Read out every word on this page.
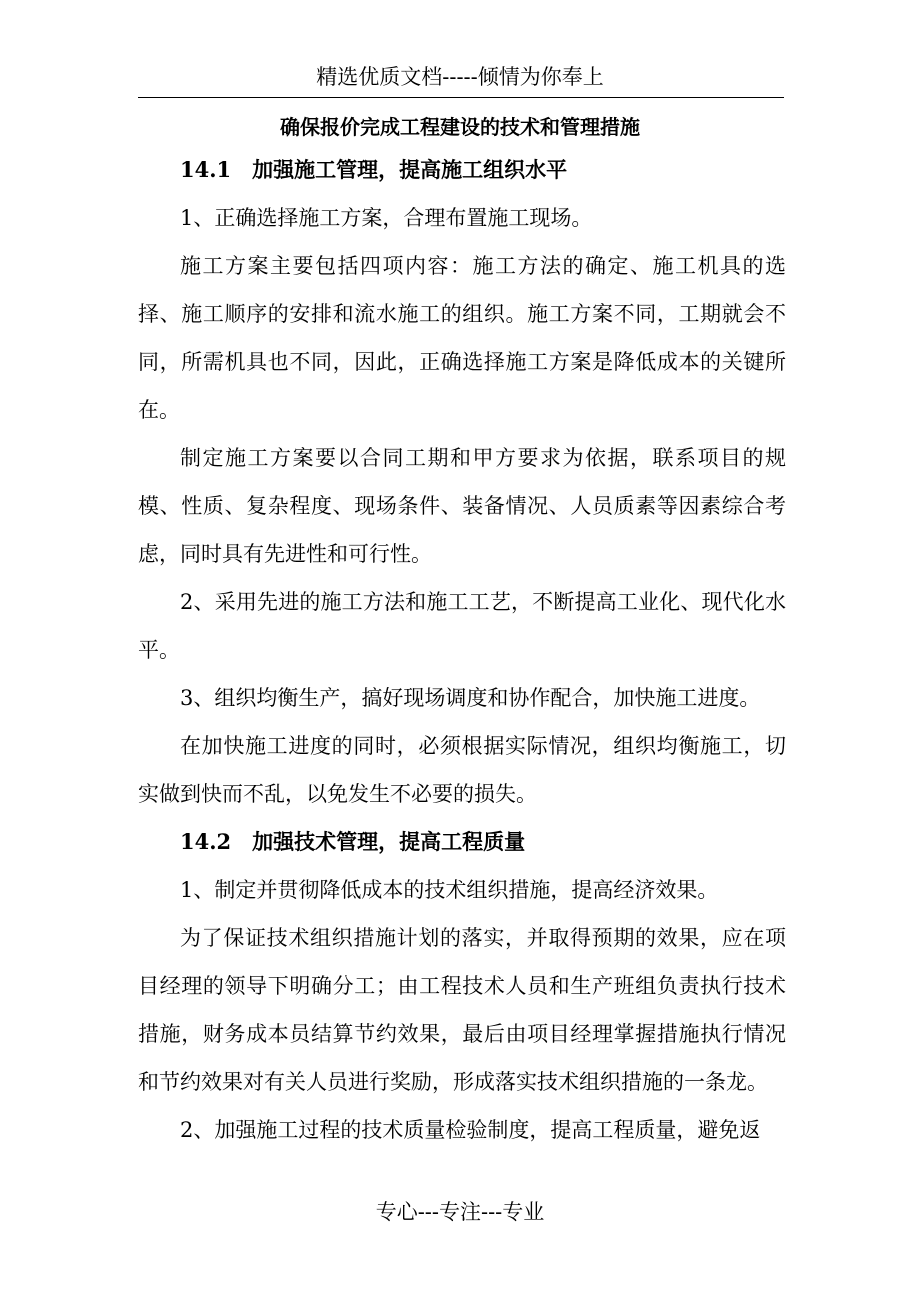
精选优质文档-----倾情为你奉上
确保报价完成工程建设的技术和管理措施

14.1　加强施工管理，提高施工组织水平

1、正确选择施工方案，合理布置施工现场。

施工方案主要包括四项内容：施工方法的确定、施工机具的选择、施工顺序的安排和流水施工的组织。施工方案不同，工期就会不同，所需机具也不同，因此，正确选择施工方案是降低成本的关键所在。

制定施工方案要以合同工期和甲方要求为依据，联系项目的规模、性质、复杂程度、现场条件、装备情况、人员质素等因素综合考虑，同时具有先进性和可行性。

2、采用先进的施工方法和施工工艺，不断提高工业化、现代化水平。

3、组织均衡生产，搞好现场调度和协作配合，加快施工进度。

在加快施工进度的同时，必须根据实际情况，组织均衡施工，切实做到快而不乱，以免发生不必要的损失。

14.2　加强技术管理，提高工程质量

1、制定并贯彻降低成本的技术组织措施，提高经济效果。

为了保证技术组织措施计划的落实，并取得预期的效果，应在项目经理的领导下明确分工；由工程技术人员和生产班组负责执行技术措施，财务成本员结算节约效果，最后由项目经理掌握措施执行情况和节约效果对有关人员进行奖励，形成落实技术组织措施的一条龙。

2、加强施工过程的技术质量检验制度，提高工程质量，避免返

专心---专注---专业
